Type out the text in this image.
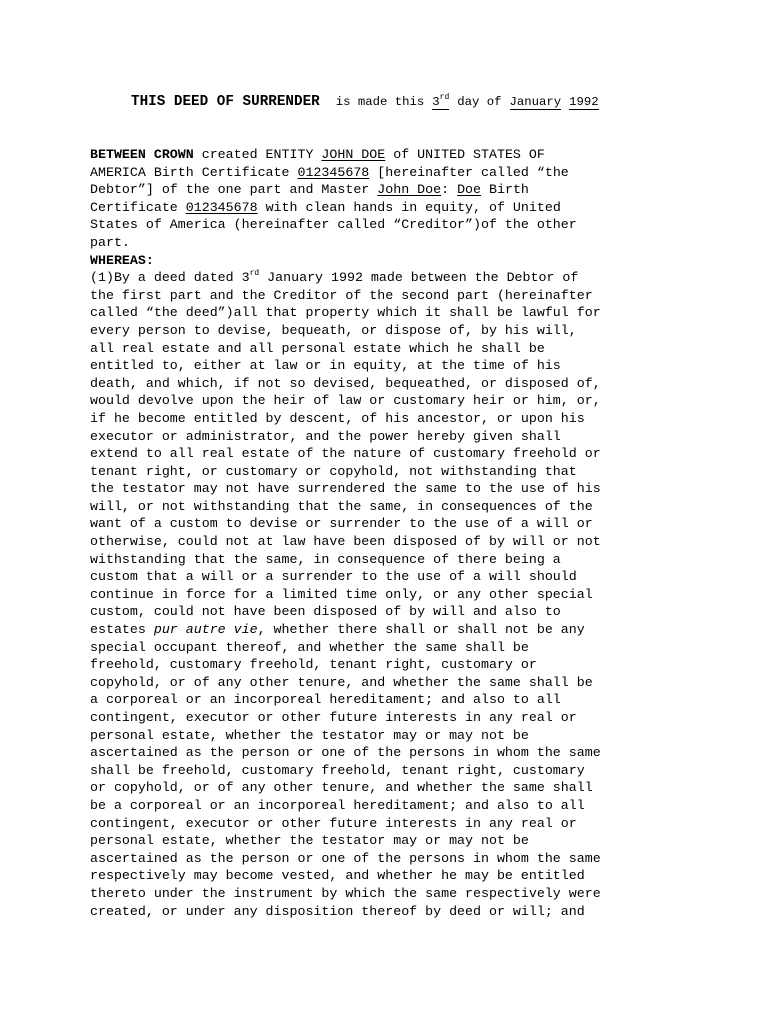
THIS DEED OF SURRENDER is made this 3rd day of January 1992
BETWEEN CROWN created ENTITY JOHN DOE of UNITED STATES OF
AMERICA Birth Certificate 012345678 [hereinafter called “the
Debtor”] of the one part and Master John Doe: Doe Birth
Certificate 012345678 with clean hands in equity, of United
States of America (hereinafter called “Creditor”)of the other
part.
WHEREAS:
(1)By a deed dated 3rd January 1992 made between the Debtor of
the first part and the Creditor of the second part (hereinafter
called “the deed”)all that property which it shall be lawful for
every person to devise, bequeath, or dispose of, by his will,
all real estate and all personal estate which he shall be
entitled to, either at law or in equity, at the time of his
death, and which, if not so devised, bequeathed, or disposed of,
would devolve upon the heir of law or customary heir or him, or,
if he become entitled by descent, of his ancestor, or upon his
executor or administrator, and the power hereby given shall
extend to all real estate of the nature of customary freehold or
tenant right, or customary or copyhold, not withstanding that
the testator may not have surrendered the same to the use of his
will, or not withstanding that the same, in consequences of the
want of a custom to devise or surrender to the use of a will or
otherwise, could not at law have been disposed of by will or not
withstanding that the same, in consequence of there being a
custom that a will or a surrender to the use of a will should
continue in force for a limited time only, or any other special
custom, could not have been disposed of by will and also to
estates pur autre vie, whether there shall or shall not be any
special occupant thereof, and whether the same shall be
freehold, customary freehold, tenant right, customary or
copyhold, or of any other tenure, and whether the same shall be
a corporeal or an incorporeal hereditament; and also to all
contingent, executor or other future interests in any real or
personal estate, whether the testator may or may not be
ascertained as the person or one of the persons in whom the same
shall be freehold, customary freehold, tenant right, customary
or copyhold, or of any other tenure, and whether the same shall
be a corporeal or an incorporeal hereditament; and also to all
contingent, executor or other future interests in any real or
personal estate, whether the testator may or may not be
ascertained as the person or one of the persons in whom the same
respectively may become vested, and whether he may be entitled
thereto under the instrument by which the same respectively were
created, or under any disposition thereof by deed or will; and
